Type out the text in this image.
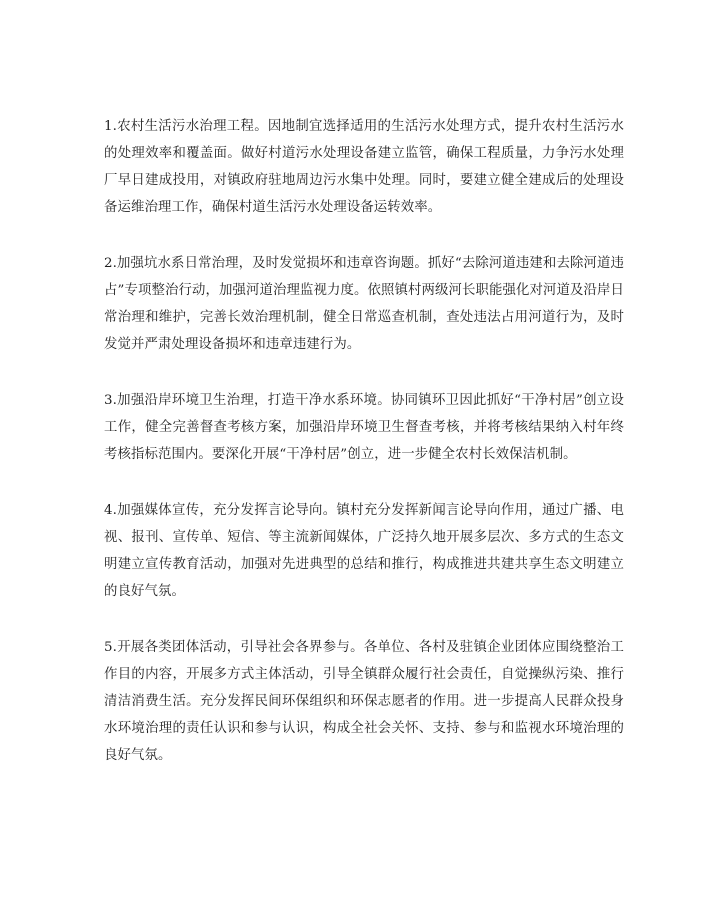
1.农村生活污水治理工程。因地制宜选择适用的生活污水处理方式，提升农村生活污水的处理效率和覆盖面。做好村道污水处理设备建立监管，确保工程质量，力争污水处理厂早日建成投用，对镇政府驻地周边污水集中处理。同时，要建立健全建成后的处理设备运维治理工作，确保村道生活污水处理设备运转效率。

2.加强坑水系日常治理，及时发觉损坏和违章咨询题。抓好“去除河道违建和去除河道违占”专项整治行动，加强河道治理监视力度。依照镇村两级河长职能强化对河道及沿岸日常治理和维护，完善长效治理机制，健全日常巡查机制，查处违法占用河道行为，及时发觉并严肃处理设备损坏和违章违建行为。

3.加强沿岸环境卫生治理，打造干净水系环境。协同镇环卫因此抓好“干净村居”创立设工作，健全完善督查考核方案，加强沿岸环境卫生督查考核，并将考核结果纳入村年终考核指标范围内。要深化开展“干净村居”创立，进一步健全农村长效保洁机制。

4.加强媒体宣传，充分发挥言论导向。镇村充分发挥新闻言论导向作用，通过广播、电视、报刊、宣传单、短信、等主流新闻媒体，广泛持久地开展多层次、多方式的生态文明建立宣传教育活动，加强对先进典型的总结和推行，构成推进共建共享生态文明建立的良好气氛。

5.开展各类团体活动，引导社会各界参与。各单位、各村及驻镇企业团体应围绕整治工作目的内容，开展多方式主体活动，引导全镇群众履行社会责任，自觉操纵污染、推行清洁消费生活。充分发挥民间环保组织和环保志愿者的作用。进一步提高人民群众投身水环境治理的责任认识和参与认识，构成全社会关怀、支持、参与和监视水环境治理的良好气氛。
